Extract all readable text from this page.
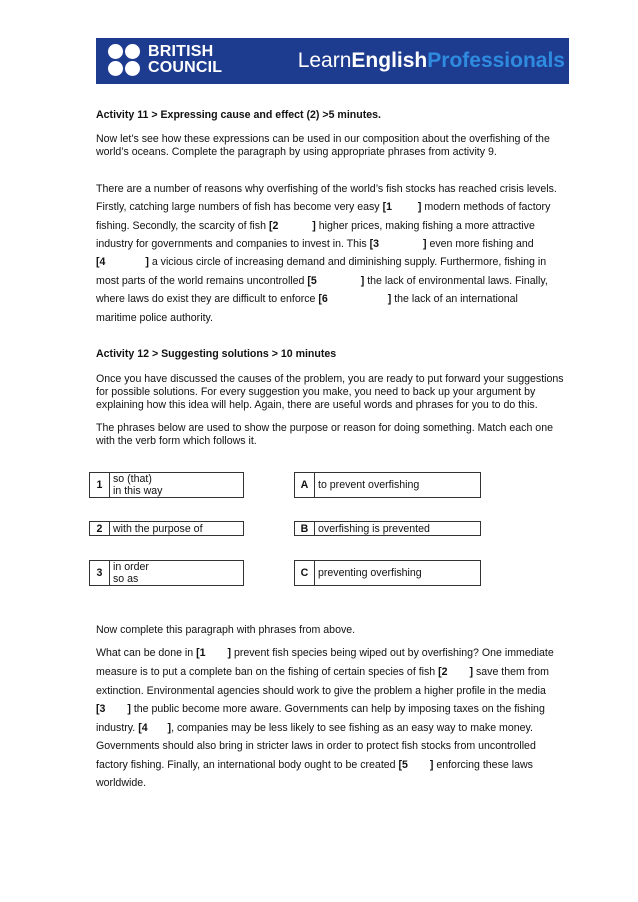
BRITISH
COUNCIL	LearnEnglishProfessionals
Activity 11 > Expressing cause and effect (2) >5 minutes.
Now let’s see how these expressions can be used in our composition about the overfishing of the
world’s oceans. Complete the paragraph by using appropriate phrases from activity 9.
There are a number of reasons why overfishing of the world’s fish stocks has reached crisis levels.
Firstly, catching large numbers of fish has become very easy [1 ] modern methods of factory
fishing. Secondly, the scarcity of fish [2	] higher prices, making fishing a more attractive
industry for governments and companies to invest in. This [3	] even more fishing and
[4	] a vicious circle of increasing demand and diminishing supply. Furthermore, fishing in
most parts of the world remains uncontrolled [5	] the lack of environmental laws. Finally,
where laws do exist they are difficult to enforce [6	] the lack of an international
maritime police authority.
Activity 12 > Suggesting solutions > 10 minutes
Once you have discussed the causes of the problem, you are ready to put forward your suggestions
for possible solutions. For every suggestion you make, you need to back up your argument by
explaining how this idea will help. Again, there are useful words and phrases for you to do this.
The phrases below are used to show the purpose or reason for doing something. Match each one
with the verb form which follows it.
1 so (that)
in this way
2 with the purpose of
3 in order
so as
A to prevent overfishing
B overfishing is prevented
C preventing overfishing
Now complete this paragraph with phrases from above.
What can be done in [1 ] prevent fish species being wiped out by overfishing? One immediate
measure is to put a complete ban on the fishing of certain species of fish [2 ] save them from
extinction. Environmental agencies should work to give the problem a higher profile in the media
[3 ] the public become more aware. Governments can help by imposing taxes on the fishing
industry. [4 ], companies may be less likely to see fishing as an easy way to make money.
Governments should also bring in stricter laws in order to protect fish stocks from uncontrolled
factory fishing. Finally, an international body ought to be created [5 ] enforcing these laws
worldwide.
